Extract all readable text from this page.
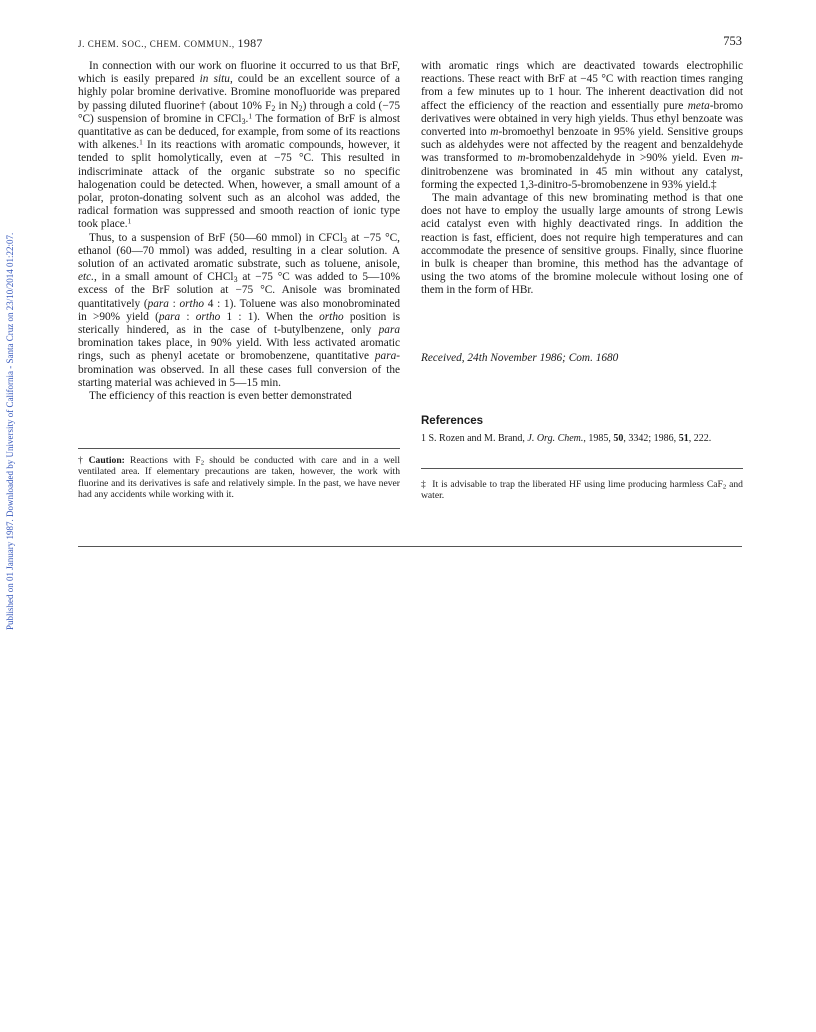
Published on 01 January 1987. Downloaded by University of California - Santa Cruz on 23/10/2014 01:22:07.
J. CHEM. SOC., CHEM. COMMUN., 1987	753

In connection with our work on fluorine it occurred to us that BrF, which is easily prepared in situ, could be an excellent source of a highly polar bromine derivative. Bromine monofluoride was prepared by passing diluted fluorine† (about 10% $F_2$ in $N_2$) through a cold (−75 °C) suspension of bromine in CFCl$_3$.$^1$ The formation of BrF is almost quantitative as can be deduced, for example, from some of its reactions with alkenes.$^1$ In its reactions with aromatic compounds, however, it tended to split homolytically, even at −75 °C. This resulted in indiscriminate attack of the organic substrate so no specific halogenation could be detected. When, however, a small amount of a polar, proton-donating solvent such as an alcohol was added, the radical formation was suppressed and smooth reaction of ionic type took place.$^1$

Thus, to a suspension of BrF (50—60 mmol) in CFCl$_3$ at −75 °C, ethanol (60—70 mmol) was added, resulting in a clear solution. A solution of an activated aromatic substrate, such as toluene, anisole, etc., in a small amount of CHCl$_3$ at −75 °C was added to 5—10% excess of the BrF solution at −75 °C. Anisole was brominated quantitatively (para : ortho 4 : 1). Toluene was also monobrominated in >90% yield (para : ortho 1 : 1). When the ortho position is sterically hindered, as in the case of t-butylbenzene, only para bromination takes place, in 90% yield. With less activated aromatic rings, such as phenyl acetate or bromobenzene, quantitative para-bromination was observed. In all these cases full conversion of the starting material was achieved in 5—15 min.

The efficiency of this reaction is even better demonstrated

with aromatic rings which are deactivated towards electrophilic reactions. These react with BrF at −45 °C with reaction times ranging from a few minutes up to 1 hour. The inherent deactivation did not affect the efficiency of the reaction and essentially pure meta-bromo derivatives were obtained in very high yields. Thus ethyl benzoate was converted into m-bromoethyl benzoate in 95% yield. Sensitive groups such as aldehydes were not affected by the reagent and benzaldehyde was transformed to m-bromobenzaldehyde in >90% yield. Even m-dinitrobenzene was brominated in 45 min without any catalyst, forming the expected 1,3-dinitro-5-bromobenzene in 93% yield.‡

The main advantage of this new brominating method is that one does not have to employ the usually large amounts of strong Lewis acid catalyst even with highly deactivated rings. In addition the reaction is fast, efficient, does not require high temperatures and can accommodate the presence of sensitive groups. Finally, since fluorine in bulk is cheaper than bromine, this method has the advantage of using the two atoms of the bromine molecule without losing one of them in the form of HBr.

Received, 24th November 1986; Com. 1680
References
1 S. Rozen and M. Brand, J. Org. Chem., 1985, 50, 3342; 1986, 51, 222.
† Caution: Reactions with $F_2$ should be conducted with care and in a well ventilated area. If elementary precautions are taken, however, the work with fluorine and its derivatives is safe and relatively simple. In the past, we have never had any accidents while working with it.
‡ It is advisable to trap the liberated HF using lime producing harmless CaF$_2$ and water.
